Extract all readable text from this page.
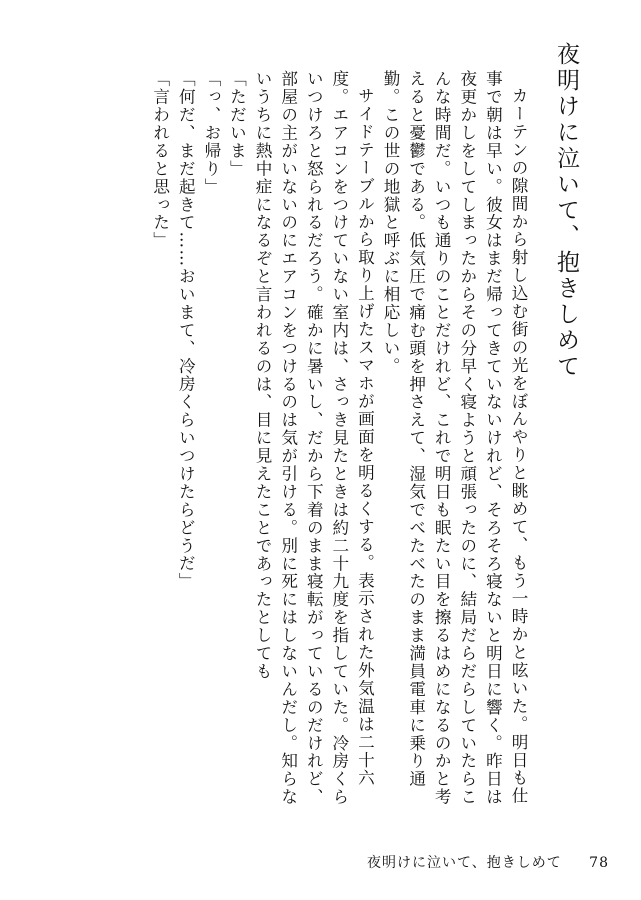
夜明けに泣いて、抱きしめて

カーテンの隙間から射し込む街の光をぼんやりと眺めて、もう一時かと呟いた。明日も仕事で朝は早い。彼女はまだ帰ってきていないけれど、そろそろ寝ないと明日に響く。昨日は夜更かしをしてしまったからその分早く寝ようと頑張ったのに、結局だらだらしていたらこんな時間だ。いつも通りのことだけれど、これで明日も眠たい目を擦るはめになるのかと考えると憂鬱である。低気圧で痛む頭を押さえて、湿気でべたべたのまま満員電車に乗り通勤。この世の地獄と呼ぶに相応しい。

サイドテーブルから取り上げたスマホが画面を明るくする。表示された外気温は二十六度。エアコンをつけていない室内は、さっき見たときは約二十九度を指していた。冷房くらいつけろと怒られるだろう。確かに暑いし、だから下着のまま寝転がっているのだけれど、部屋の主がいないのにエアコンをつけるのは気が引ける。別に死にはしないんだし。知らないうちに熱中症になるぞと言われるのは、目に見えたことであったとしても

「ただいま」

「っ、お帰り」

「何だ、まだ起きて……おいまて、冷房くらいつけたらどうだ」

「言われると思った」

夜明けに泣いて、抱きしめて 78
